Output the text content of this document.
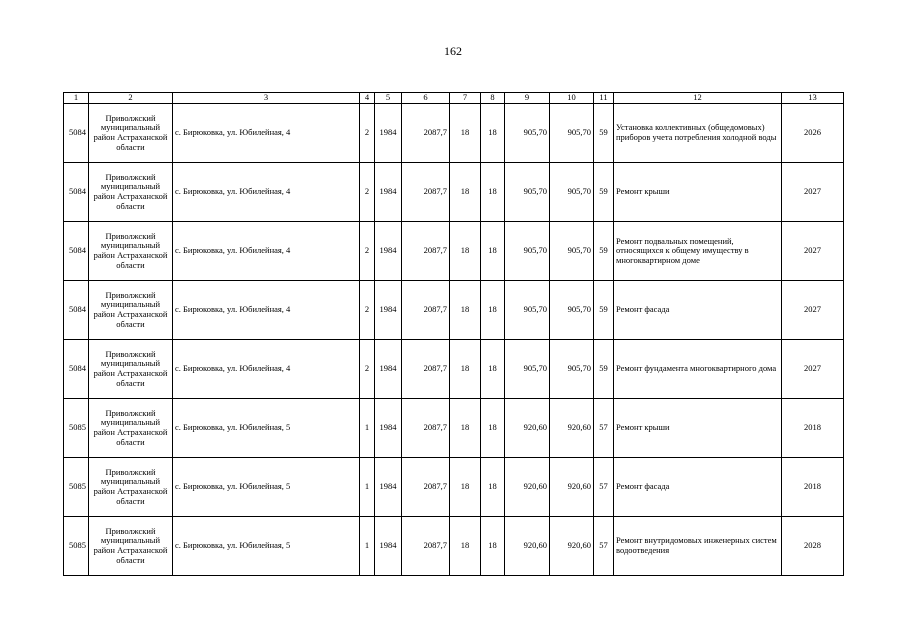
162
1	2	3	4	5	6	7	8	9	10	11	12	13
5084	Приволжский муниципальный район Астраханской области	с. Бирюковка, ул. Юбилейная, 4	2	1984	2087,7	18	18	905,70	905,70	59	Установка коллективных (общедомовых) приборов учета потребления холодной воды	2026
5084	Приволжский муниципальный район Астраханской области	с. Бирюковка, ул. Юбилейная, 4	2	1984	2087,7	18	18	905,70	905,70	59	Ремонт крыши	2027
5084	Приволжский муниципальный район Астраханской области	с. Бирюковка, ул. Юбилейная, 4	2	1984	2087,7	18	18	905,70	905,70	59	Ремонт подвальных помещений, относящихся к общему имуществу в многоквартирном доме	2027
5084	Приволжский муниципальный район Астраханской области	с. Бирюковка, ул. Юбилейная, 4	2	1984	2087,7	18	18	905,70	905,70	59	Ремонт фасада	2027
5084	Приволжский муниципальный район Астраханской области	с. Бирюковка, ул. Юбилейная, 4	2	1984	2087,7	18	18	905,70	905,70	59	Ремонт фундамента многоквартирного дома	2027
5085	Приволжский муниципальный район Астраханской области	с. Бирюковка, ул. Юбилейная, 5	1	1984	2087,7	18	18	920,60	920,60	57	Ремонт крыши	2018
5085	Приволжский муниципальный район Астраханской области	с. Бирюковка, ул. Юбилейная, 5	1	1984	2087,7	18	18	920,60	920,60	57	Ремонт фасада	2018
5085	Приволжский муниципальный район Астраханской области	с. Бирюковка, ул. Юбилейная, 5	1	1984	2087,7	18	18	920,60	920,60	57	Ремонт внутридомовых инженерных систем водоотведения	2028
